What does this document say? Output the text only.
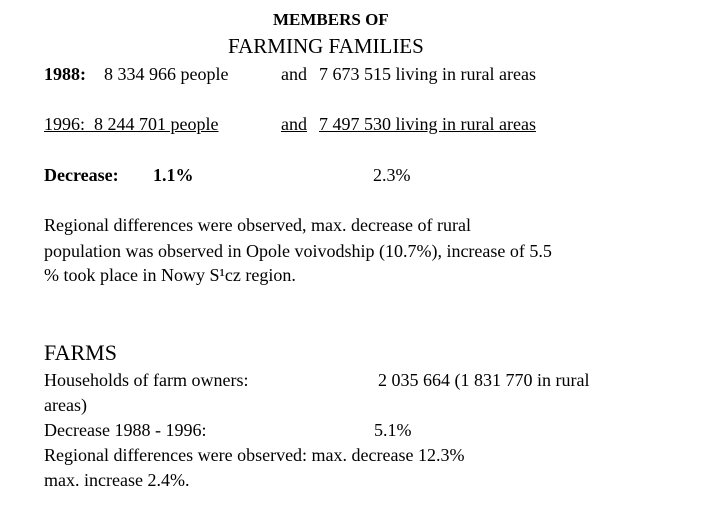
MEMBERS OF
FARMING FAMILIES
1988: 8 334 966 people	and 7 673 515 living in rural areas
1996: 8 244 701 people	and 7 497 530 living in rural areas
Decrease: 1.1%	2.3%
Regional differences were observed, max. decrease of rural
population was observed in Opole voivodship (10.7%), increase of 5.5
% took place in Nowy S¹cz region.
FARMS
Households of farm owners:	2 035 664 (1 831 770 in rural
areas)
Decrease 1988 - 1996:	5.1%
Regional differences were observed: max. decrease 12.3%
max. increase 2.4%.
